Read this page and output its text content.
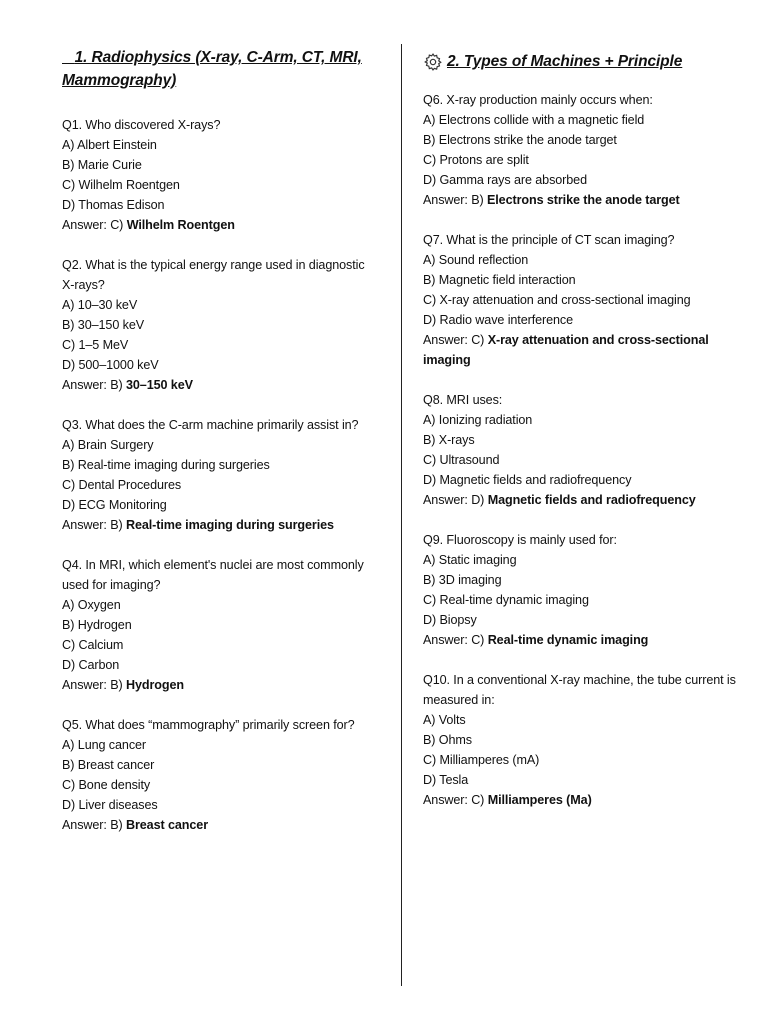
1. Radiophysics (X-ray, C-Arm, CT, MRI, Mammography)

Q1. Who discovered X-rays?

A) Albert Einstein

B) Marie Curie

C) Wilhelm Roentgen

D) Thomas Edison

Answer: C) Wilhelm Roentgen

Q2. What is the typical energy range used in diagnostic X-rays?

A) 10–30 keV

B) 30–150 keV

C) 1–5 MeV

D) 500–1000 keV

Answer: B) 30–150 keV

Q3. What does the C-arm machine primarily assist in?

A) Brain Surgery

B) Real-time imaging during surgeries

C) Dental Procedures

D) ECG Monitoring

Answer: B) Real-time imaging during surgeries

Q4. In MRI, which element's nuclei are most commonly used for imaging?

A) Oxygen

B) Hydrogen

C) Calcium

D) Carbon

Answer: B) Hydrogen

Q5. What does “mammography” primarily screen for?

A) Lung cancer

B) Breast cancer

C) Bone density

D) Liver diseases

Answer: B) Breast cancer

2. Types of Machines + Principle

Q6. X-ray production mainly occurs when:

A) Electrons collide with a magnetic field

B) Electrons strike the anode target

C) Protons are split

D) Gamma rays are absorbed

Answer: B) Electrons strike the anode target

Q7. What is the principle of CT scan imaging?

A) Sound reflection

B) Magnetic field interaction

C) X-ray attenuation and cross-sectional imaging

D) Radio wave interference

Answer: C) X-ray attenuation and cross-sectional imaging

Q8. MRI uses:

A) Ionizing radiation

B) X-rays

C) Ultrasound

D) Magnetic fields and radiofrequency

Answer: D) Magnetic fields and radiofrequency

Q9. Fluoroscopy is mainly used for:

A) Static imaging

B) 3D imaging

C) Real-time dynamic imaging

D) Biopsy

Answer: C) Real-time dynamic imaging

Q10. In a conventional X-ray machine, the tube current is measured in:

A) Volts

B) Ohms

C) Milliamperes (mA)

D) Tesla

Answer: C) Milliamperes (Ma)
